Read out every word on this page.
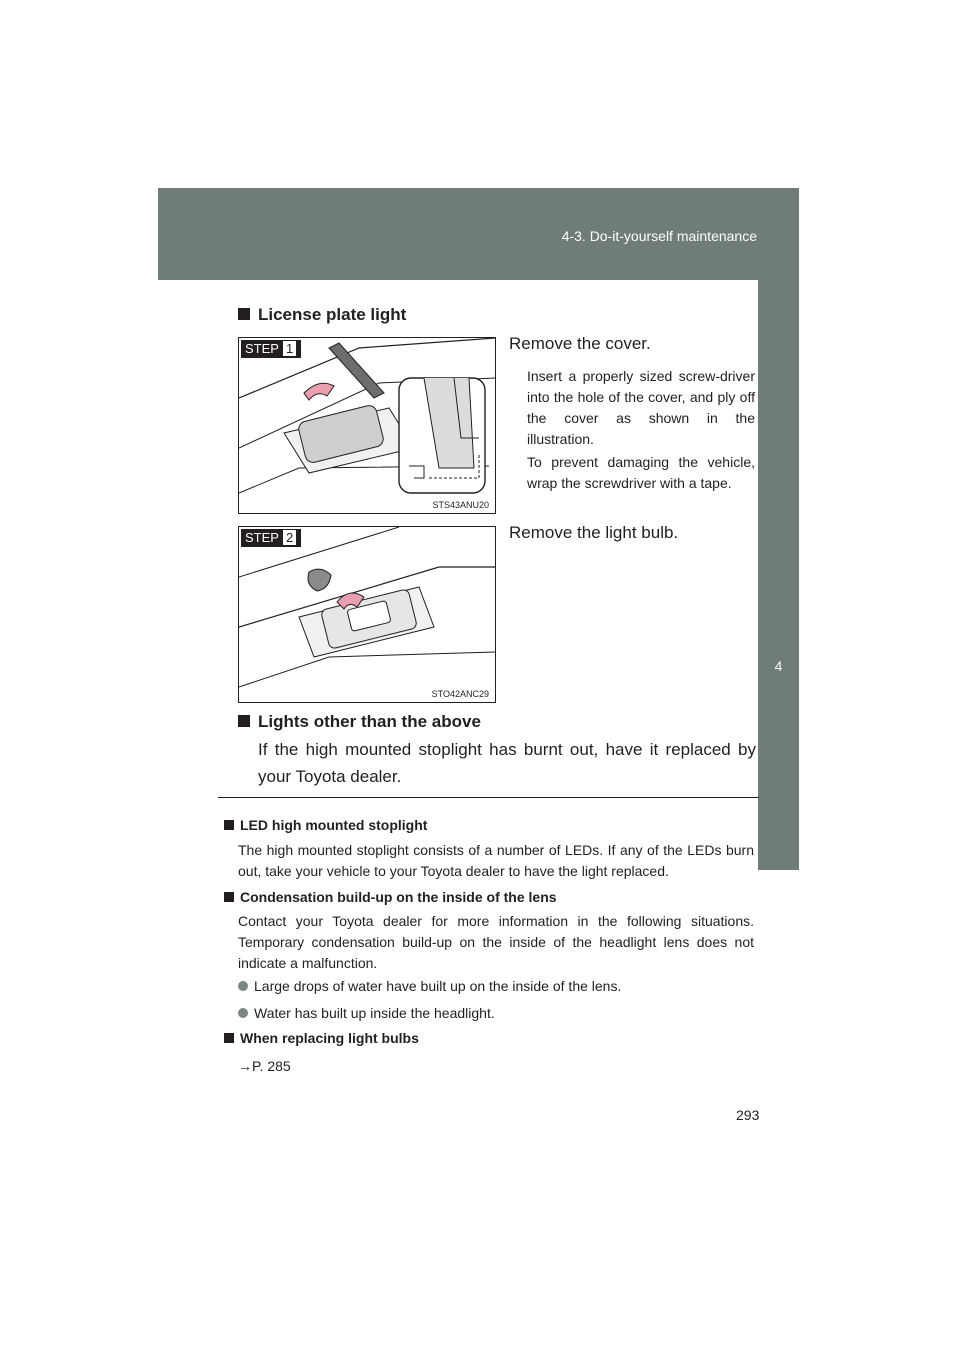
4-3. Do-it-yourself maintenance
4
Maintenance and care
License plate light
STS43ANU20
STEP 1	Remove the cover.
Insert a properly sized screw-driver into the hole of the cover, and ply off the cover as shown in the illustration.
To prevent damaging the vehicle, wrap the screwdriver with a tape.
STO42ANC29
STEP 2	Remove the light bulb.
Lights other than the above
If the high mounted stoplight has burnt out, have it replaced by your Toyota dealer.
LED high mounted stoplight
The high mounted stoplight consists of a number of LEDs. If any of the LEDs burn out, take your vehicle to your Toyota dealer to have the light replaced.
Condensation build-up on the inside of the lens
Contact your Toyota dealer for more information in the following situations. Temporary condensation build-up on the inside of the headlight lens does not indicate a malfunction.
Large drops of water have built up on the inside of the lens.
Water has built up inside the headlight.
When replacing light bulbs
→P. 285
293
